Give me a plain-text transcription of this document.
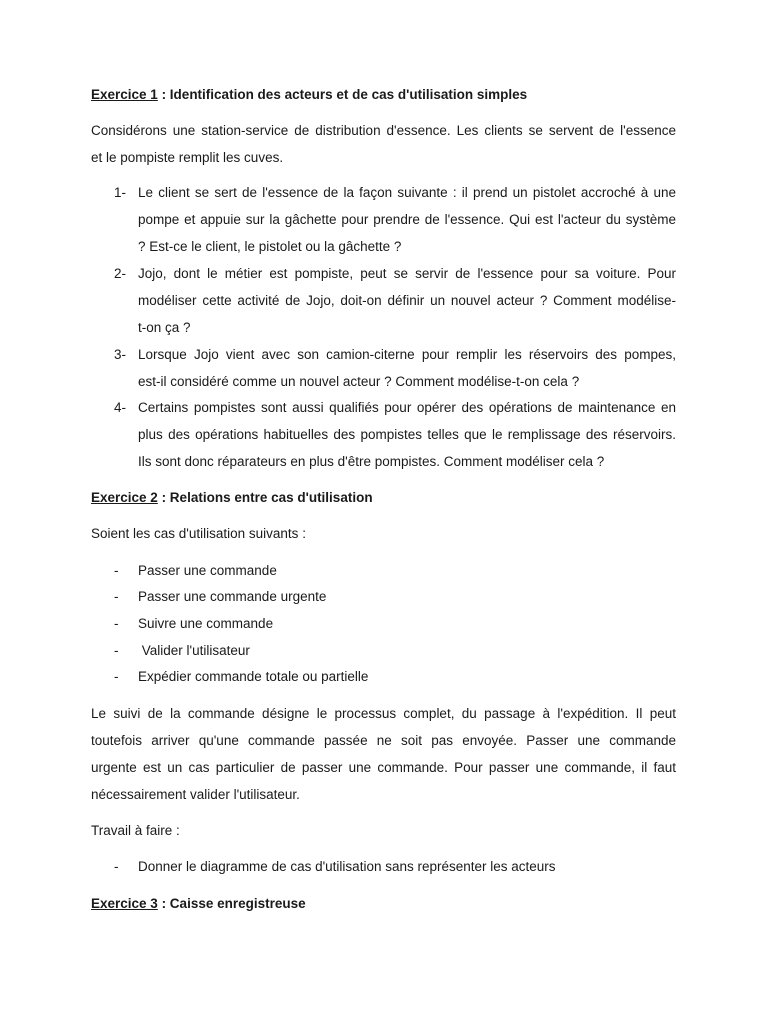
Exercice 1 : Identification des acteurs et de cas d'utilisation simples
Considérons une station-service de distribution d'essence. Les clients se servent de l'essence
et le pompiste remplit les cuves.
1- Le client se sert de l'essence de la façon suivante : il prend un pistolet accroché à une
pompe et appuie sur la gâchette pour prendre de l'essence. Qui est l'acteur du système
? Est-ce le client, le pistolet ou la gâchette ?
2- Jojo, dont le métier est pompiste, peut se servir de l'essence pour sa voiture. Pour
modéliser cette activité de Jojo, doit-on définir un nouvel acteur ? Comment modélise-
t-on ça ?
3- Lorsque Jojo vient avec son camion-citerne pour remplir les réservoirs des pompes,
est-il considéré comme un nouvel acteur ? Comment modélise-t-on cela ?
4- Certains pompistes sont aussi qualifiés pour opérer des opérations de maintenance en
plus des opérations habituelles des pompistes telles que le remplissage des réservoirs.
Ils sont donc réparateurs en plus d'être pompistes. Comment modéliser cela ?
Exercice 2 : Relations entre cas d'utilisation
Soient les cas d'utilisation suivants :
- Passer une commande
- Passer une commande urgente
- Suivre une commande
- Valider l'utilisateur
- Expédier commande totale ou partielle
Le suivi de la commande désigne le processus complet, du passage à l'expédition. Il peut
toutefois arriver qu'une commande passée ne soit pas envoyée. Passer une commande
urgente est un cas particulier de passer une commande. Pour passer une commande, il faut
nécessairement valider l'utilisateur.
Travail à faire :
- Donner le diagramme de cas d'utilisation sans représenter les acteurs
Exercice 3 : Caisse enregistreuse
